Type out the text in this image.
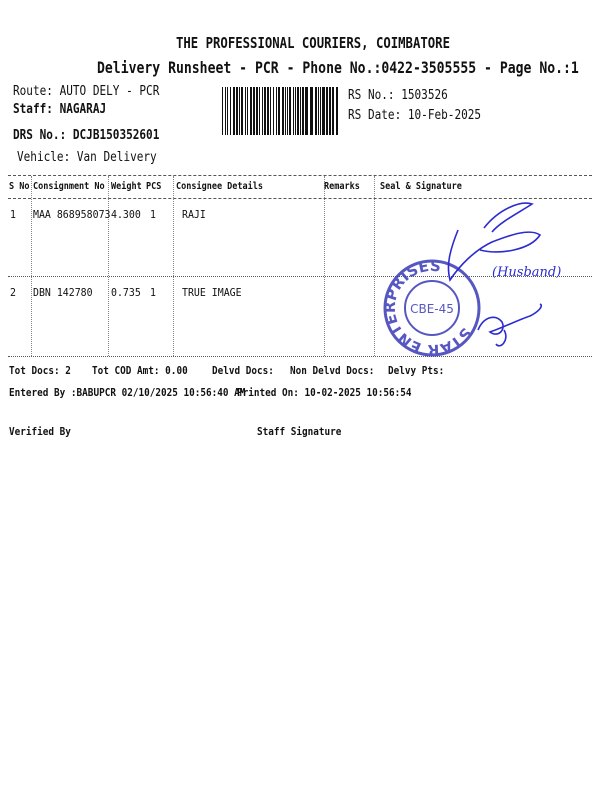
THE PROFESSIONAL COURIERS, COIMBATORE
Delivery Runsheet - PCR - Phone No.:0422-3505555 - Page No.:1
Route: AUTO DELY - PCR
Staff: NAGARAJ
DRS No.: DCJB150352601
Vehicle: Van Delivery
RS No.: 1503526
RS Date: 10-Feb-2025
S No Consignment No Weight PCS Consignee Details	Remarks Seal & Signature
1 MAA 868958073 4.300 1 RAJI
2 DBN 142780 0.735 1 TRUE IMAGE
STAR ENTERPRISES
CBE-45
(Husband)
Tot Docs: 2 Tot COD Amt: 0.00 Delvd Docs: Non Delvd Docs: Delvy Pts:
Entered By :BABUPCR 02/10/2025 10:56:40 AM
Printed On: 10-02-2025 10:56:54
Verified By	Staff Signature
